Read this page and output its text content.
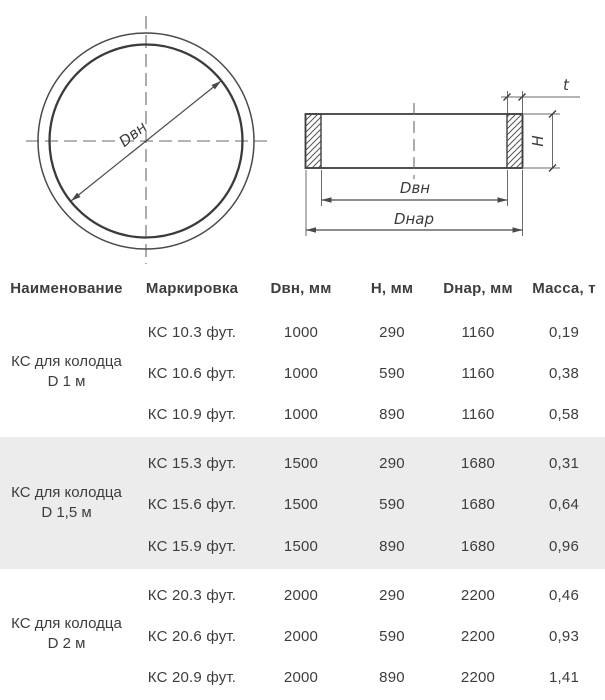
Dвн
t
H
Dвн
Dнар
Наименование	Маркировка	Dвн, мм	Н, мм	Dнар, мм	Масса, т
КС для колодца
D 1 м
КС 10.3 фут.	1000	290	1160	0,19
КС 10.6 фут.	1000	590	1160	0,38
КС 10.9 фут.	1000	890	1160	0,58
КС для колодца
D 1,5 м
КС 15.3 фут.	1500	290	1680	0,31
КС 15.6 фут.	1500	590	1680	0,64
КС 15.9 фут.	1500	890	1680	0,96
КС для колодца
D 2 м
КС 20.3 фут.	2000	290	2200	0,46
КС 20.6 фут.	2000	590	2200	0,93
КС 20.9 фут.	2000	890	2200	1,41
